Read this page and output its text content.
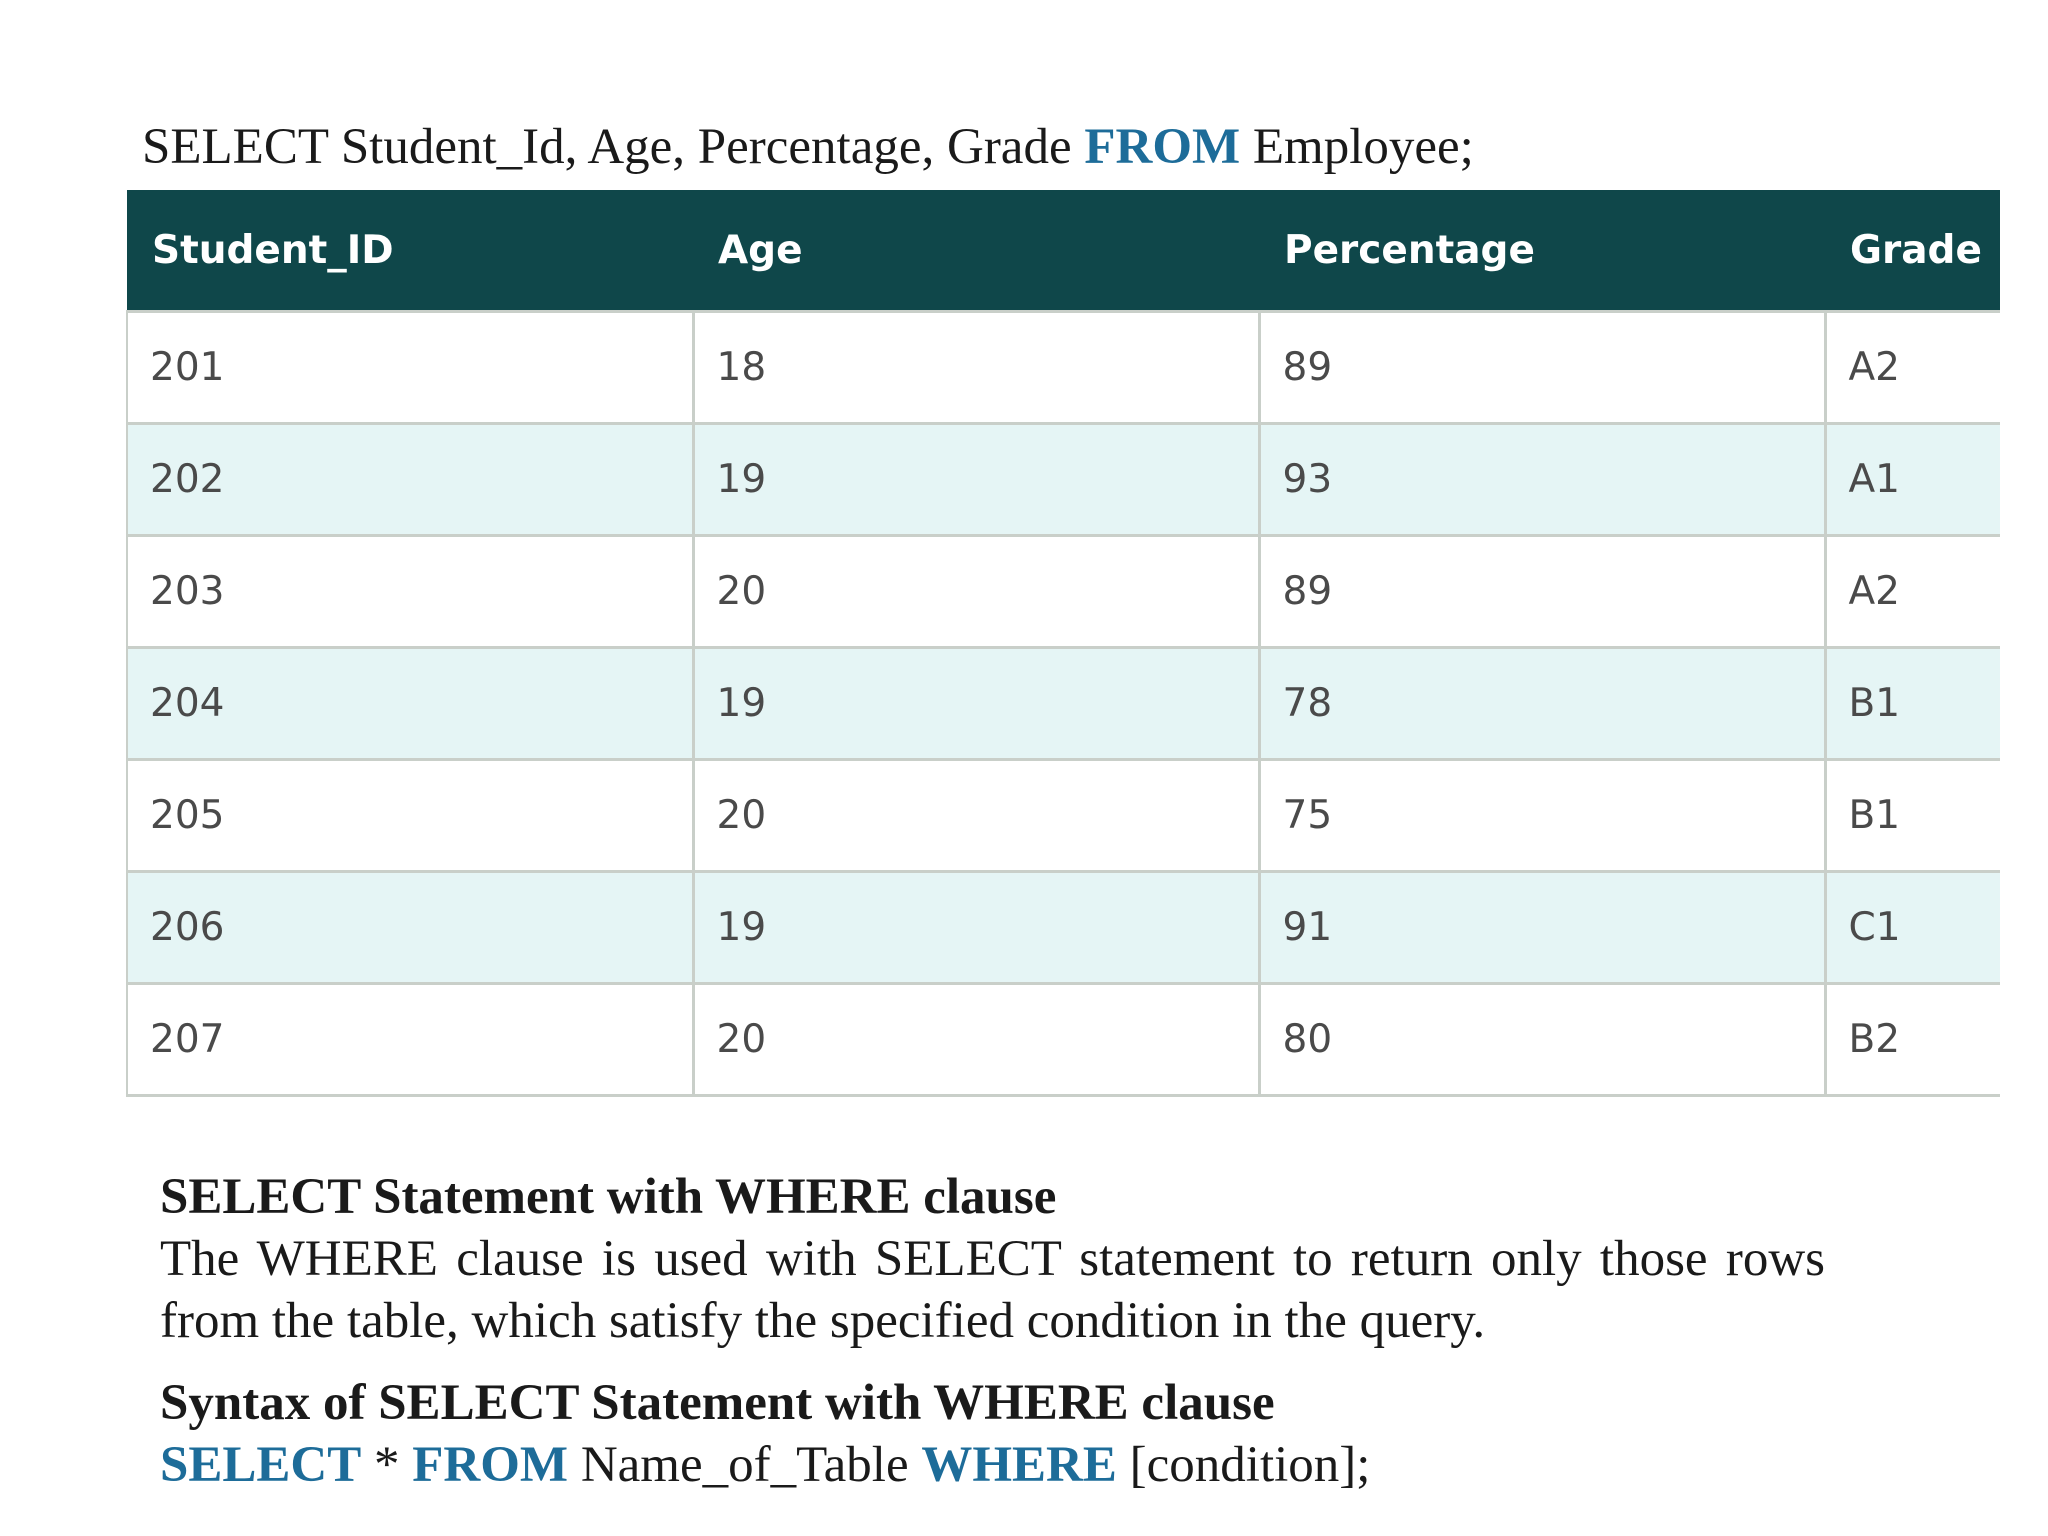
SELECT Student_Id, Age, Percentage, Grade FROM Employee;
Student_ID	Age	Percentage	Grade
201	18	89	A2
202	19	93	A1
203	20	89	A2
204	19	78	B1
205	20	75	B1
206	19	91	C1
207	20	80	B2
SELECT Statement with WHERE clause
The WHERE clause is used with SELECT statement to return only those rows from the table, which satisfy the specified condition in the query.
Syntax of SELECT Statement with WHERE clause
SELECT * FROM Name_of_Table WHERE [condition];
